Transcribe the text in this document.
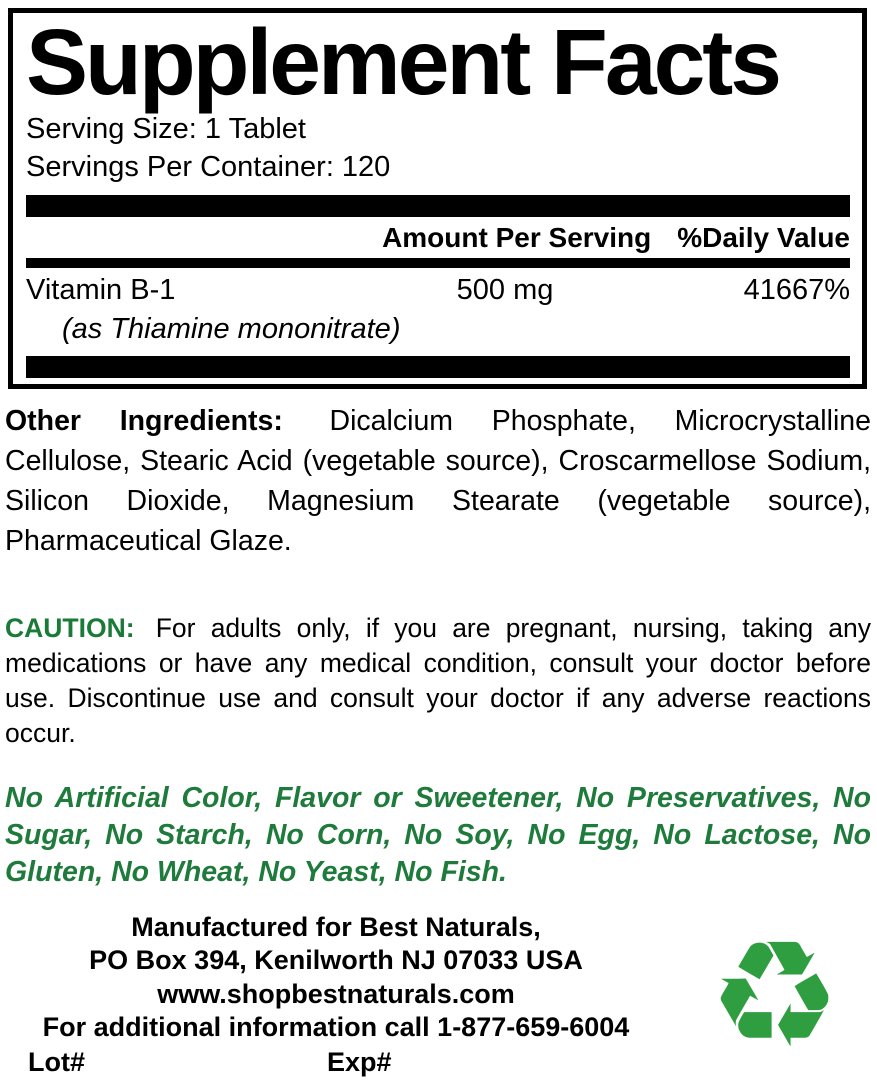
Supplement Facts
Serving Size: 1 Tablet
Servings Per Container: 120
Amount Per Serving %Daily Value
Vitamin B-1	500 mg	41667%
(as Thiamine mononitrate)

Other Ingredients: Dicalcium Phosphate, Microcrystalline Cellulose, Stearic Acid (vegetable source), Croscarmellose Sodium, Silicon Dioxide, Magnesium Stearate (vegetable source), Pharmaceutical Glaze.

CAUTION: For adults only, if you are pregnant, nursing, taking any medications or have any medical condition, consult your doctor before use. Discontinue use and consult your doctor if any adverse reactions occur.

No Artificial Color, Flavor or Sweetener, No Preservatives, No Sugar, No Starch, No Corn, No Soy, No Egg, No Lactose, No Gluten, No Wheat, No Yeast, No Fish.

Manufactured for Best Naturals,
PO Box 394, Kenilworth NJ 07033 USA
www.shopbestnaturals.com
For additional information call 1-877-659-6004
Lot#	Exp# ♻
